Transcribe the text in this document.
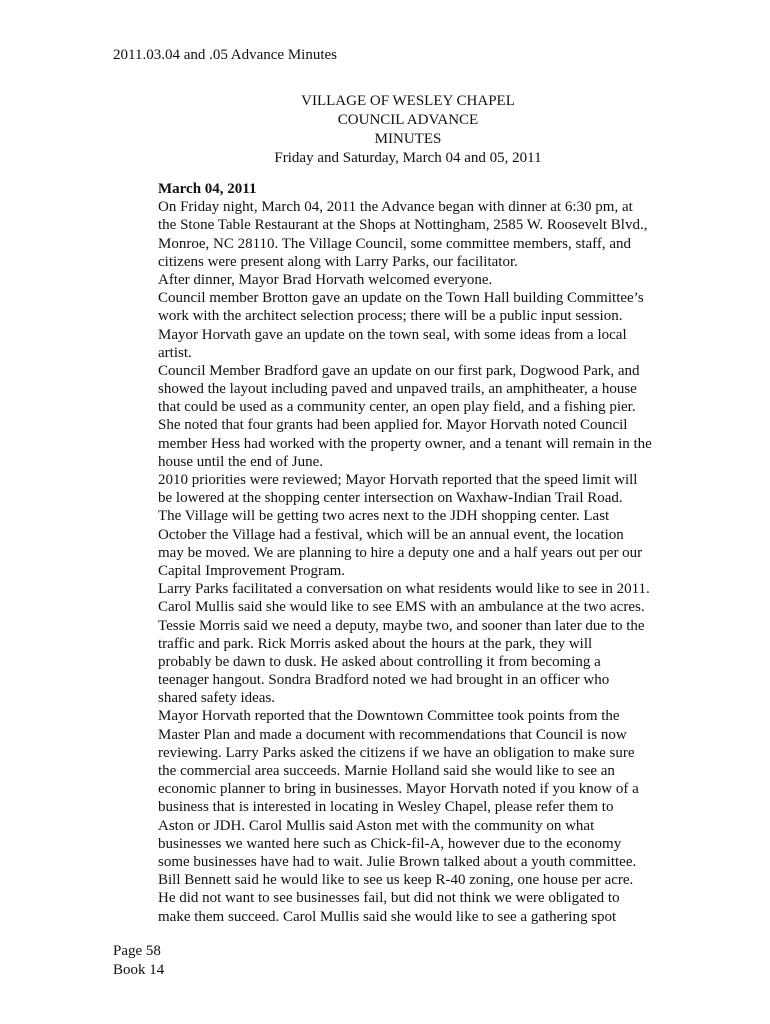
2011.03.04 and .05 Advance Minutes
VILLAGE OF WESLEY CHAPEL
COUNCIL ADVANCE
MINUTES
Friday and Saturday, March 04 and 05, 2011
March 04, 2011
On Friday night, March 04, 2011 the Advance began with dinner at 6:30 pm, at
the Stone Table Restaurant at the Shops at Nottingham, 2585 W. Roosevelt Blvd.,
Monroe, NC 28110. The Village Council, some committee members, staff, and
citizens were present along with Larry Parks, our facilitator.
After dinner, Mayor Brad Horvath welcomed everyone.
Council member Brotton gave an update on the Town Hall building Committee’s
work with the architect selection process; there will be a public input session.
Mayor Horvath gave an update on the town seal, with some ideas from a local
artist.
Council Member Bradford gave an update on our first park, Dogwood Park, and
showed the layout including paved and unpaved trails, an amphitheater, a house
that could be used as a community center, an open play field, and a fishing pier.
She noted that four grants had been applied for. Mayor Horvath noted Council
member Hess had worked with the property owner, and a tenant will remain in the
house until the end of June.
2010 priorities were reviewed; Mayor Horvath reported that the speed limit will
be lowered at the shopping center intersection on Waxhaw-Indian Trail Road.
The Village will be getting two acres next to the JDH shopping center. Last
October the Village had a festival, which will be an annual event, the location
may be moved. We are planning to hire a deputy one and a half years out per our
Capital Improvement Program.
Larry Parks facilitated a conversation on what residents would like to see in 2011.
Carol Mullis said she would like to see EMS with an ambulance at the two acres.
Tessie Morris said we need a deputy, maybe two, and sooner than later due to the
traffic and park. Rick Morris asked about the hours at the park, they will
probably be dawn to dusk. He asked about controlling it from becoming a
teenager hangout. Sondra Bradford noted we had brought in an officer who
shared safety ideas.
Mayor Horvath reported that the Downtown Committee took points from the
Master Plan and made a document with recommendations that Council is now
reviewing. Larry Parks asked the citizens if we have an obligation to make sure
the commercial area succeeds. Marnie Holland said she would like to see an
economic planner to bring in businesses. Mayor Horvath noted if you know of a
business that is interested in locating in Wesley Chapel, please refer them to
Aston or JDH. Carol Mullis said Aston met with the community on what
businesses we wanted here such as Chick-fil-A, however due to the economy
some businesses have had to wait. Julie Brown talked about a youth committee.
Bill Bennett said he would like to see us keep R-40 zoning, one house per acre.
He did not want to see businesses fail, but did not think we were obligated to
make them succeed. Carol Mullis said she would like to see a gathering spot
Page 58
Book 14
